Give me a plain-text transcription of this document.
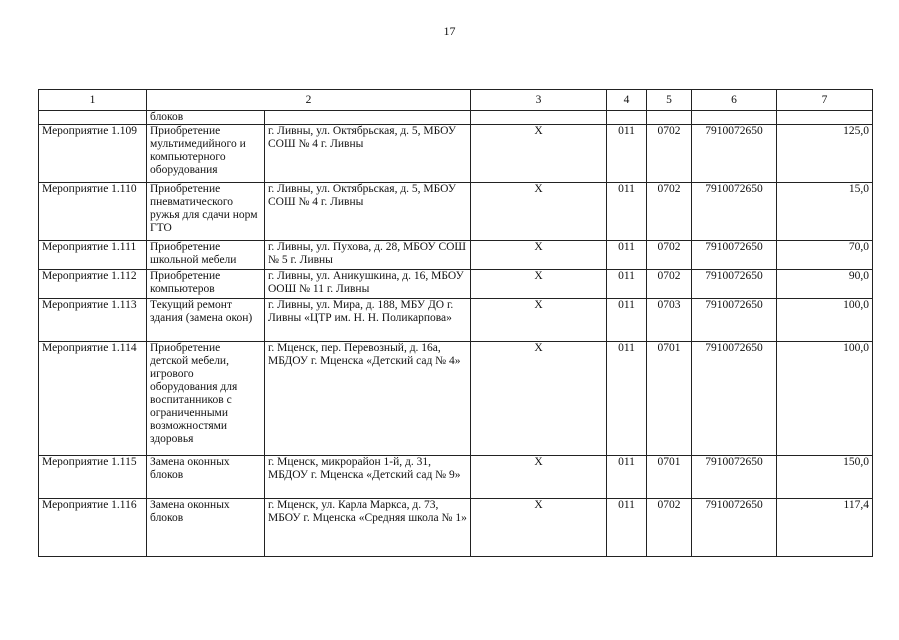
17
1	2		3	4	5	6	7
	блоков						
Мероприятие 1.109	Приобретение мультимедийного и компьютерного оборудования	г. Ливны, ул. Октябрьская, д. 5, МБОУ СОШ № 4 г. Ливны	Х	011	0702	7910072650	125,0
Мероприятие 1.110	Приобретение пневматического ружья для сдачи норм ГТО	г. Ливны, ул. Октябрьская, д. 5, МБОУ СОШ № 4 г. Ливны	Х	011	0702	7910072650	15,0
Мероприятие 1.111	Приобретение школьной мебели	г. Ливны, ул. Пухова, д. 28, МБОУ СОШ № 5 г. Ливны	Х	011	0702	7910072650	70,0
Мероприятие 1.112	Приобретение компьютеров	г. Ливны, ул. Аникушкина, д. 16, МБОУ ООШ № 11 г. Ливны	Х	011	0702	7910072650	90,0
Мероприятие 1.113	Текущий ремонт здания (замена окон)	г. Ливны, ул. Мира, д. 188, МБУ ДО г. Ливны «ЦТР им. Н. Н. Поликарпова»	Х	011	0703	7910072650	100,0
Мероприятие 1.114	Приобретение детской мебели, игрового оборудования для воспитанников с ограниченными возможностями здоровья	г. Мценск, пер. Перевозный, д. 16а, МБДОУ г. Мценска «Детский сад № 4»	Х	011	0701	7910072650	100,0
Мероприятие 1.115	Замена оконных блоков	г. Мценск, микрорайон 1-й, д. 31, МБДОУ г. Мценска «Детский сад № 9»	Х	011	0701	7910072650	150,0
Мероприятие 1.116	Замена оконных блоков	г. Мценск, ул. Карла Маркса, д. 73, МБОУ г. Мценска «Средняя школа № 1»	Х	011	0702	7910072650	117,4
